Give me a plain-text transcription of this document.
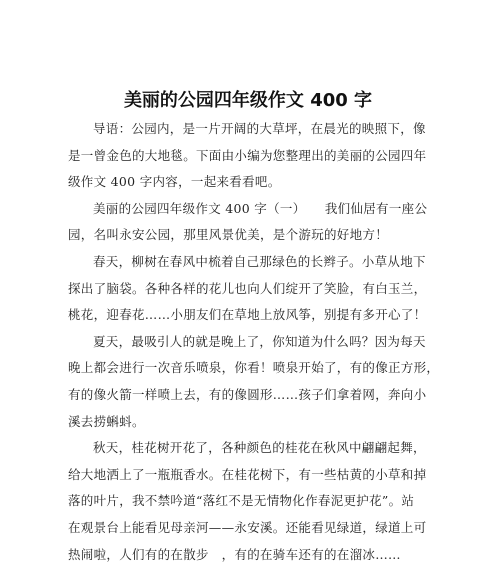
美丽的公园四年级作文 400 字

导语：公园内，是一片开阔的大草坪，在晨光的映照下，像
是一曾金色的大地毯。下面由小编为您整理出的美丽的公园四年
级作文 400 字内容，一起来看看吧。

美丽的公园四年级作文 400 字（一）　　我们仙居有一座公
园，名叫永安公园，那里风景优美，是个游玩的好地方！

春天，柳树在春风中梳着自己那绿色的长辫子。小草从地下
探出了脑袋。各种各样的花儿也向人们绽开了笑脸，有白玉兰，
桃花，迎春花……小朋友们在草地上放风筝，别提有多开心了！

夏天，最吸引人的就是晚上了，你知道为什么吗？因为每天
晚上都会进行一次音乐喷泉，你看！喷泉开始了，有的像正方形，
有的像火箭一样喷上去，有的像圆形……孩子们拿着网，奔向小
溪去捞蝌蚪。

秋天，桂花树开花了，各种颜色的桂花在秋风中翩翩起舞，
给大地洒上了一瓶瓶香水。在桂花树下，有一些枯黄的小草和掉
落的叶片，我不禁吟道“落红不是无情物化作春泥更护花”。站
在观景台上能看见母亲河——永安溪。还能看见绿道，绿道上可
热闹啦，人们有的在散步　，有的在骑车还有的在溜冰……
